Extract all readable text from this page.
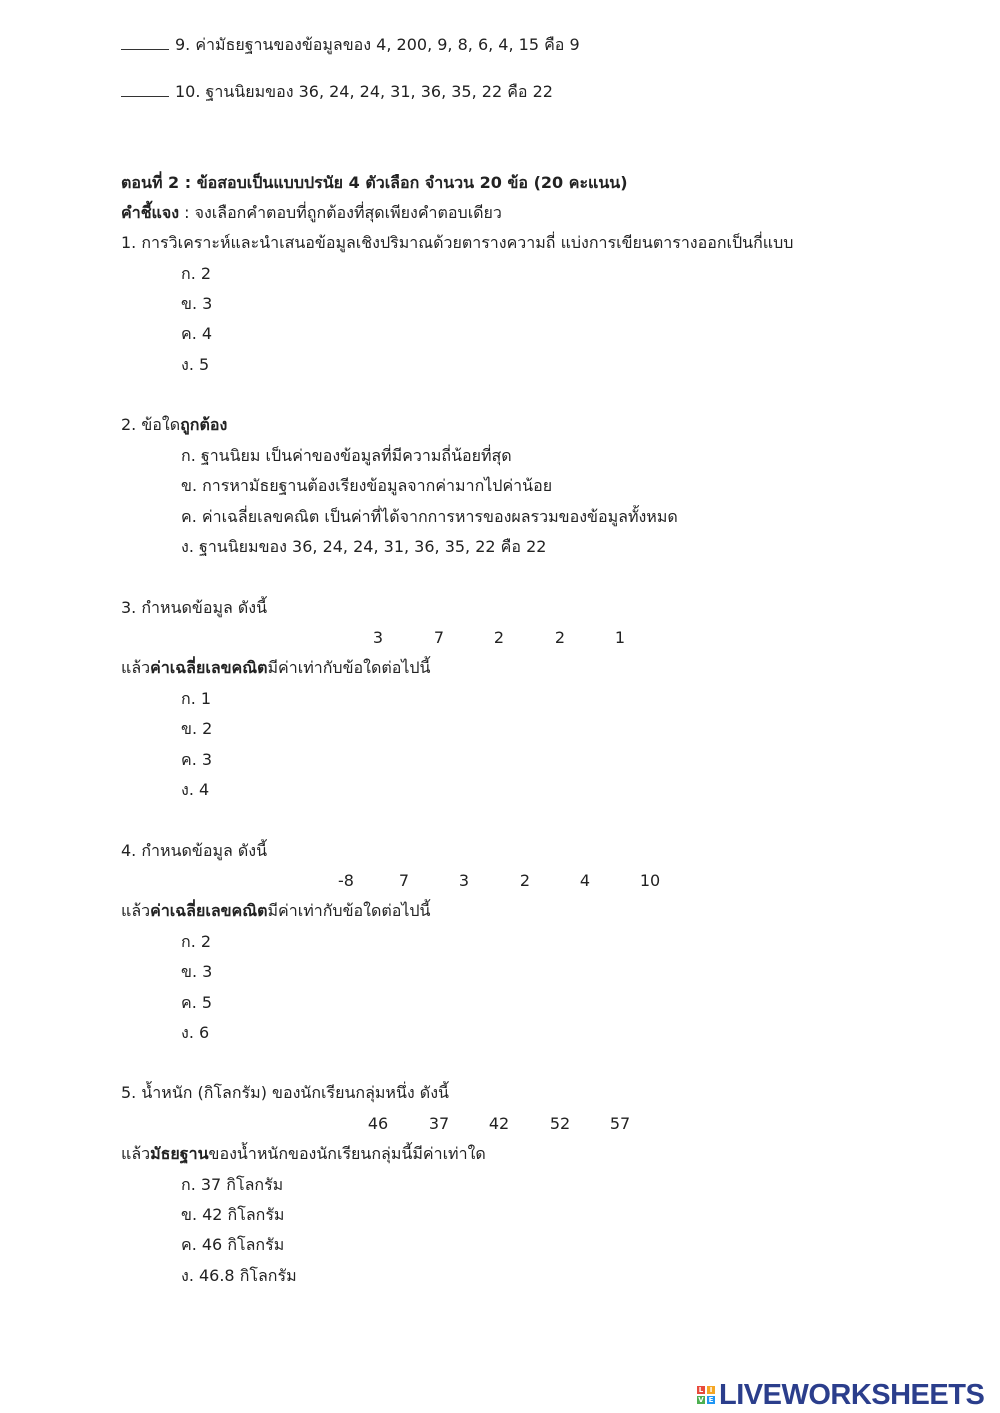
9. ค่ามัธยฐานของข้อมูลของ 4, 200, 9, 8, 6, 4, 15 คือ 9
10. ฐานนิยมของ 36, 24, 24, 31, 36, 35, 22 คือ 22
ตอนที่ 2 : ข้อสอบเป็นแบบปรนัย 4 ตัวเลือก จำนวน 20 ข้อ (20 คะแนน)
คำชี้แจง : จงเลือกคำตอบที่ถูกต้องที่สุดเพียงคำตอบเดียว
1. การวิเคราะห์และนำเสนอข้อมูลเชิงปริมาณด้วยตารางความถี่ แบ่งการเขียนตารางออกเป็นกี่แบบ
ก. 2
ข. 3
ค. 4
ง. 5
2. ข้อใดถูกต้อง
ก. ฐานนิยม เป็นค่าของข้อมูลที่มีความถี่น้อยที่สุด
ข. การหามัธยฐานต้องเรียงข้อมูลจากค่ามากไปค่าน้อย
ค. ค่าเฉลี่ยเลขคณิต เป็นค่าที่ได้จากการหารของผลรวมของข้อมูลทั้งหมด
ง. ฐานนิยมของ 36, 24, 24, 31, 36, 35, 22 คือ 22
3. กำหนดข้อมูล ดังนี้
3	7	2	2	1
แล้วค่าเฉลี่ยเลขคณิตมีค่าเท่ากับข้อใดต่อไปนี้
ก. 1
ข. 2
ค. 3
ง. 4
4. กำหนดข้อมูล ดังนี้
-8	7	3	2	4	10
แล้วค่าเฉลี่ยเลขคณิตมีค่าเท่ากับข้อใดต่อไปนี้
ก. 2
ข. 3
ค. 5
ง. 6
5. น้ำหนัก (กิโลกรัม) ของนักเรียนกลุ่มหนึ่ง ดังนี้
46	37	42	52	57
แล้วมัธยฐานของน้ำหนักของนักเรียนกลุ่มนี้มีค่าเท่าใด
ก. 37 กิโลกรัม
ข. 42 กิโลกรัม
ค. 46 กิโลกรัม
ง. 46.8 กิโลกรัม
L I
V E LIVEWORKSHEETS
